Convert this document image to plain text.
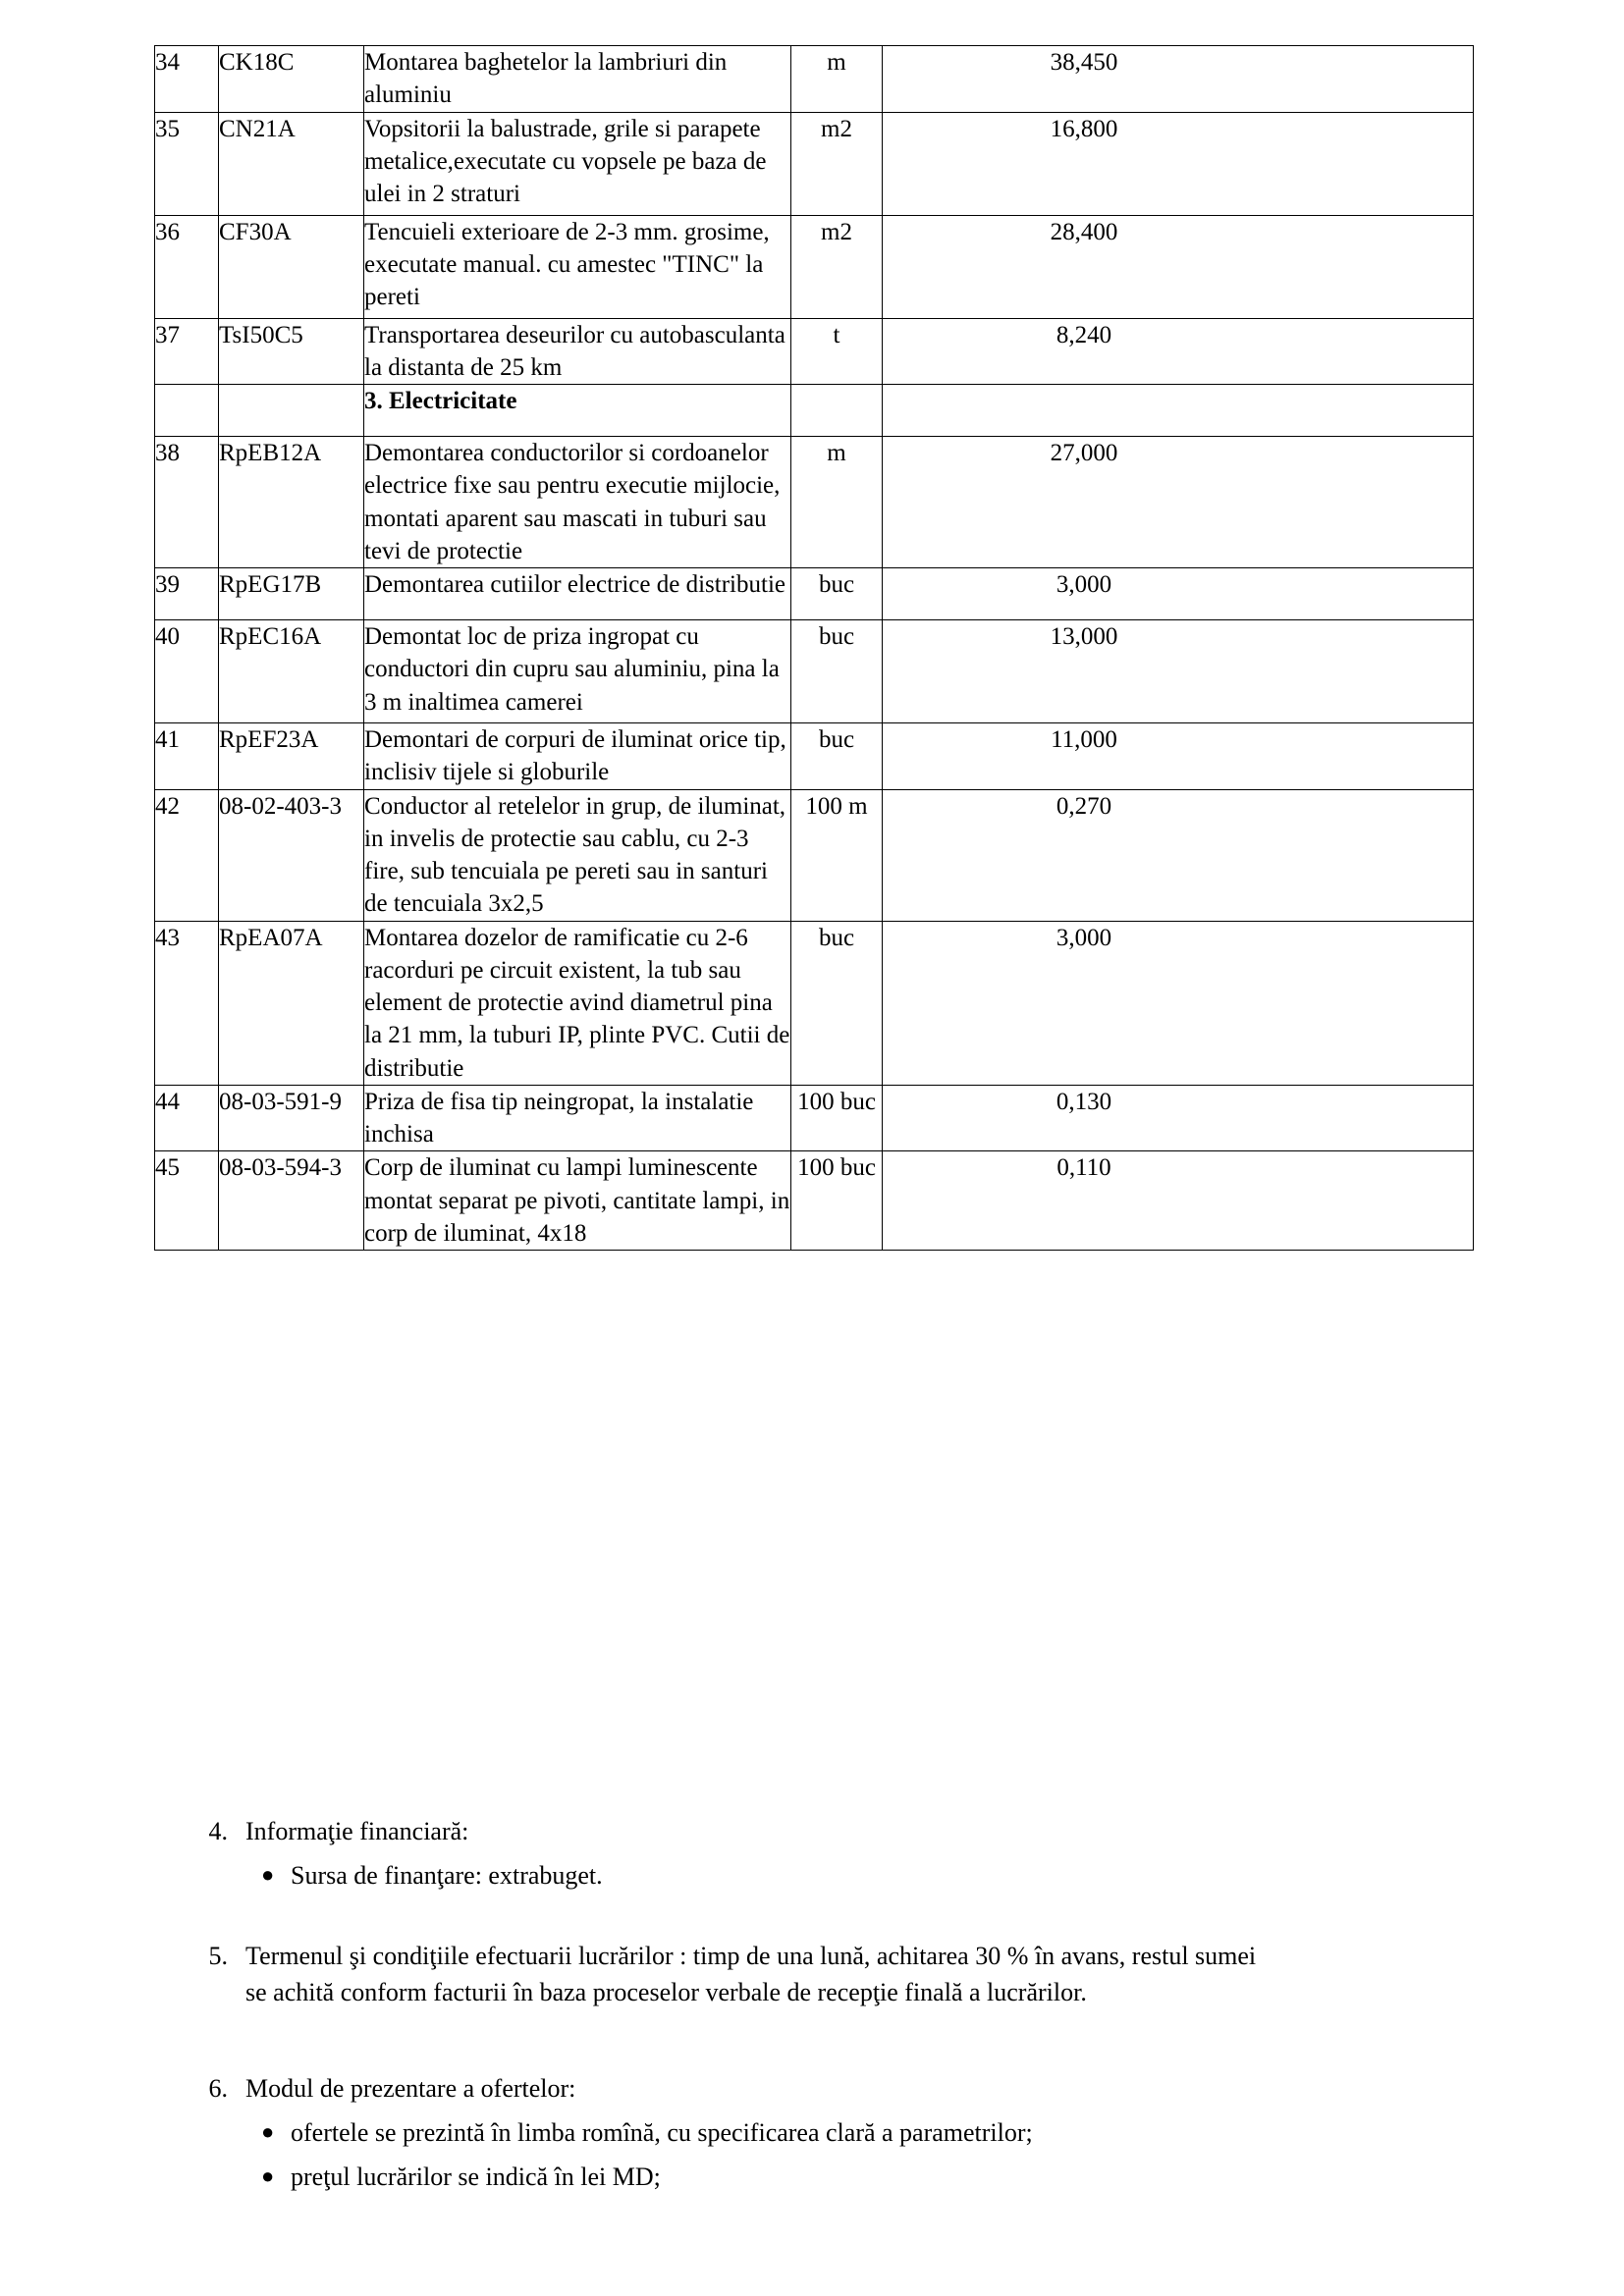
34	CK18C	Montarea baghetelor la lambriuri din aluminiu	m	38,450

35	CN21A	Vopsitorii la balustrade, grile si parapete metalice,executate cu vopsele pe baza de ulei in 2 straturi	m2	16,800

36	CF30A	Tencuieli exterioare de 2-3 mm. grosime, executate manual. cu amestec "TINC" la pereti	m2	28,400

37	TsI50C5	Transportarea deseurilor cu autobasculanta la distanta de 25 km	t	8,240

		3. Electricitate		

38	RpEB12A	Demontarea conductorilor si cordoanelor electrice fixe sau pentru executie mijlocie, montati aparent sau mascati in tuburi sau tevi de protectie	m	27,000

39	RpEG17B	Demontarea cutiilor electrice de distributie	buc	3,000

40	RpEC16A	Demontat loc de priza ingropat cu conductori din cupru sau aluminiu, pina la 3 m inaltimea camerei	buc	13,000

41	RpEF23A	Demontari de corpuri de iluminat orice tip, inclisiv tijele si globurile	buc	11,000

42	08-02-403-3	Conductor al retelelor in grup, de iluminat, in invelis de protectie sau cablu, cu 2-3 fire, sub tencuiala pe pereti sau in santuri de tencuiala 3x2,5	100 m	0,270

43	RpEA07A	Montarea dozelor de ramificatie cu 2-6 racorduri pe circuit existent, la tub sau element de protectie avind diametrul pina la 21 mm, la tuburi IP, plinte PVC. Cutii de distributie	buc	3,000

44	08-03-591-9	Priza de fisa tip neingropat, la instalatie inchisa	100 buc	0,130

45	08-03-594-3	Corp de iluminat cu lampi luminescente montat separat pe pivoti, cantitate lampi, in corp de iluminat, 4x18	100 buc	0,110
4. Informaţie financiară:
● Sursa de finanţare: extrabuget.
5. Termenul şi condiţiile efectuarii lucrărilor : timp de una lună, achitarea 30 % în avans, restul sumei
se achită conform facturii în baza proceselor verbale de recepţie finală a lucrărilor.
6. Modul de prezentare a ofertelor:
● ofertele se prezintă în limba romînă, cu specificarea clară a parametrilor;
● preţul lucrărilor se indică în lei MD;
